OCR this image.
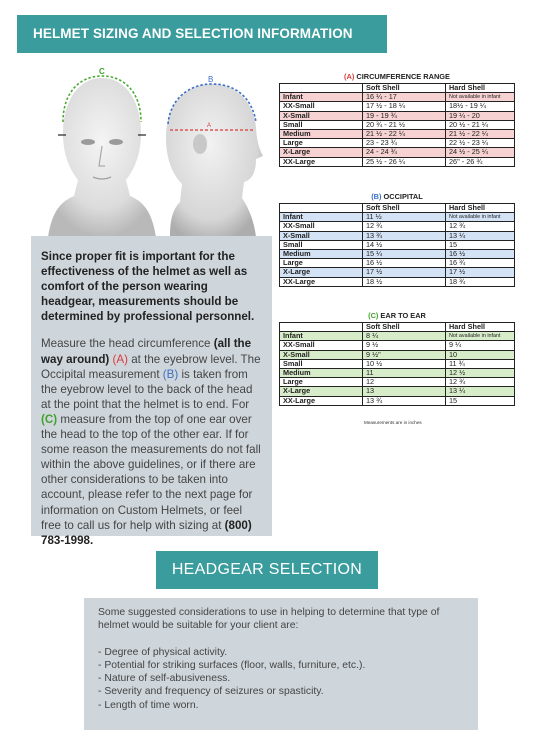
HELMET SIZING AND SELECTION INFORMATION
C
B
A

Since proper fit is important for the effectiveness of the helmet as well as comfort of the person wearing headgear, measurements should be determined by professional personnel.

Measure the head circumference (all the way around) (A) at the eyebrow level. The Occipital measurement (B) is taken from the eyebrow level to the back of the head at the point that the helmet is to end. For (C) measure from the top of one ear over the head to the top of the other ear. If for some reason the measurements do not fall within the above guidelines, or if there are other considerations to be taken into account, please refer to the next page for information on Custom Helmets, or feel free to call us for help with sizing at (800) 783-1998.

(A) CIRCUMFERENCE RANGE
	Soft Shell	Hard Shell
Infant	16 ¼ - 17	Not available in infant
XX-Small	17 ½ - 18 ¼	18½ - 19 ¼
X-Small	19 - 19 ¾	19 ¼ - 20
Small	20 ¾ - 21 ½	20 ½ - 21 ¼
Medium	21 ½ - 22 ¼	21 ½ - 22 ¼
Large	23 - 23 ¾	22 ½ - 23 ¼
X-Large	24 - 24 ¾	24 ½ - 25 ¼
XX-Large	25 ½ - 26 ¼	26" - 26 ¾
(B) OCCIPITAL
	Soft Shell	Hard Shell
Infant	11 ½	Not available in infant
XX-Small	12 ¾	12 ¾
X-Small	13 ¾	13 ¼
Small	14 ½	15
Medium	15 ¼	16 ½
Large	16 ½	16 ¾
X-Large	17 ½	17 ½
XX-Large	18 ½	18 ¾
(C) EAR TO EAR
	Soft Shell	Hard Shell
Infant	8 ¼	Not available in infant
XX-Small	9 ½	9 ¼
X-Small	9 ½"	10
Small	10 ½	11 ¾
Medium	11	12 ½
Large	12	12 ¾
X-Large	13	13 ¼
XX-Large	13 ¾	15
Measurements are in inches
HEADGEAR SELECTION

Some suggested considerations to use in helping to determine that type of helmet would be suitable for your client are:

- Degree of physical activity.
- Potential for striking surfaces (floor, walls, furniture, etc.).
- Nature of self-abusiveness.
- Severity and frequency of seizures or spasticity.
- Length of time worn.
